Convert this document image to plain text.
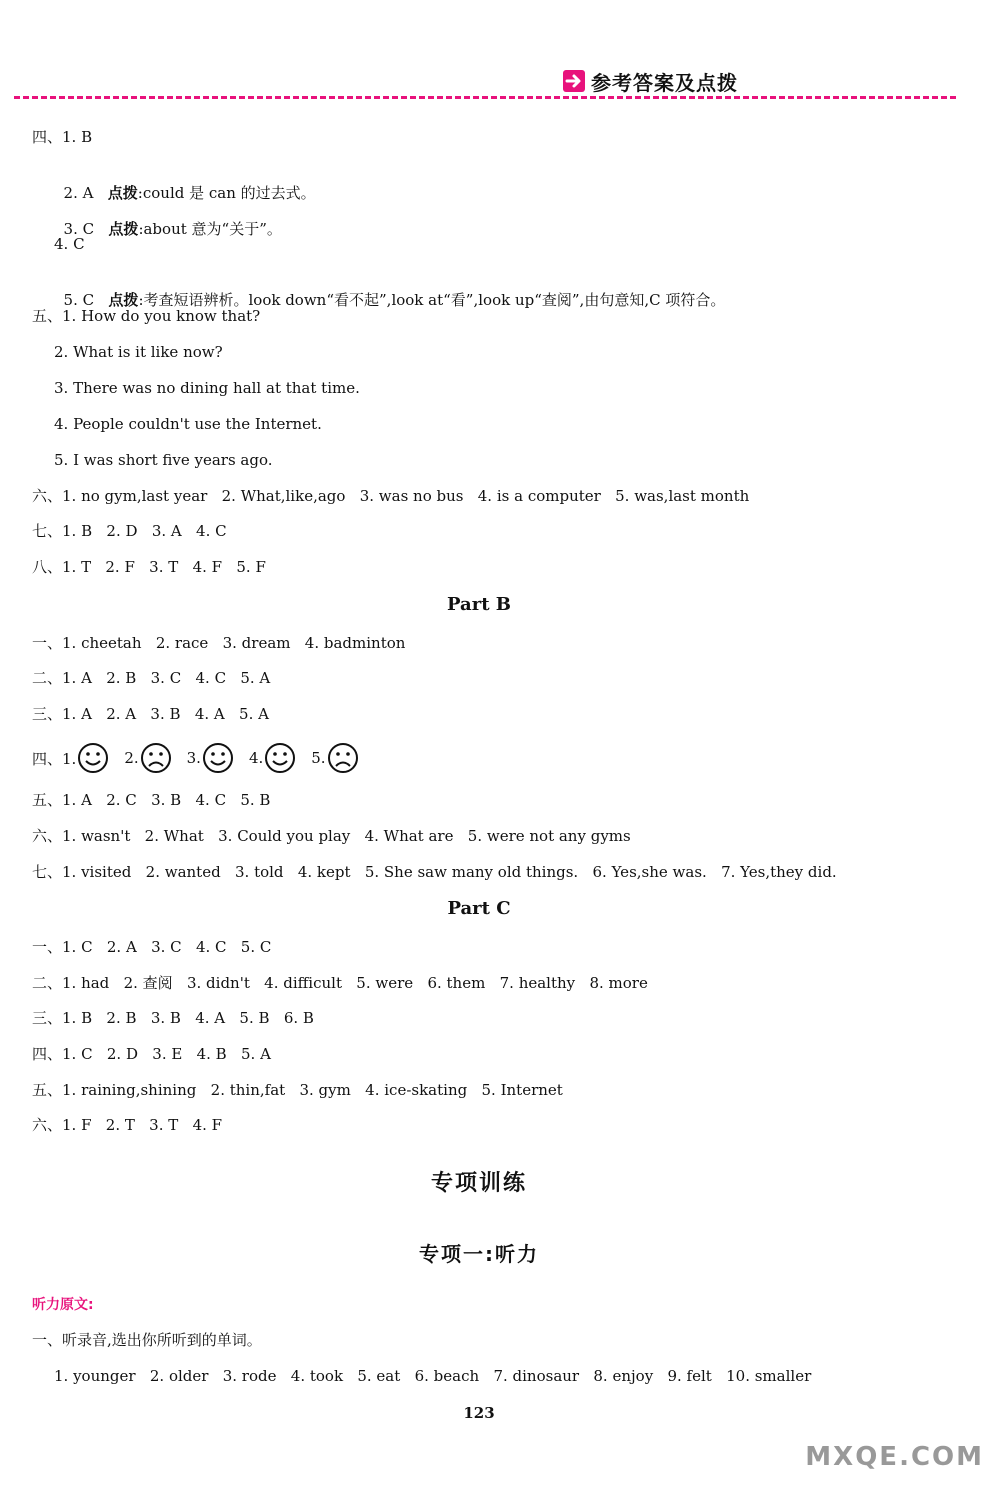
参考答案及点拨
四、1. B

2. A 点拨:could 是 can 的过去式。

3. C 点拨:about 意为“关于”。

4. C

5. C 点拨:考查短语辨析。look down“看不起”,look at“看”,look up“查阅”,由句意知,C 项符合。

五、1. How do you know that?
2. What is it like now?
3. There was no dining hall at that time.
4. People couldn't use the Internet.
5. I was short five years ago.
六、1. no gym,last year   2. What,like,ago   3. was no bus   4. is a computer   5. was,last month
七、1. B   2. D   3. A   4. C
八、1. T   2. F   3. T   4. F   5. F
Part B
一、1. cheetah   2. race   3. dream   4. badminton
二、1. A   2. B   3. C   4. C   5. A
三、1. A   2. A   3. B   4. A   5. A
四、1.	2.	3.	4.	5.
五、1. A   2. C   3. B   4. C   5. B
六、1. wasn't   2. What   3. Could you play   4. What are   5. were not any gyms
七、1. visited   2. wanted   3. told   4. kept   5. She saw many old things.   6. Yes,she was.   7. Yes,they did.
Part C
一、1. C   2. A   3. C   4. C   5. C
二、1. had   2. 查阅   3. didn't   4. difficult   5. were   6. them   7. healthy   8. more
三、1. B   2. B   3. B   4. A   5. B   6. B
四、1. C   2. D   3. E   4. B   5. A
五、1. raining,shining   2. thin,fat   3. gym   4. ice-skating   5. Internet
六、1. F   2. T   3. T   4. F
专项训练
专项一:听力
听力原文:
一、听录音,选出你所听到的单词。
1. younger   2. older   3. rode   4. took   5. eat   6. beach   7. dinosaur   8. enjoy   9. felt   10. smaller
123
MXQE.COM
